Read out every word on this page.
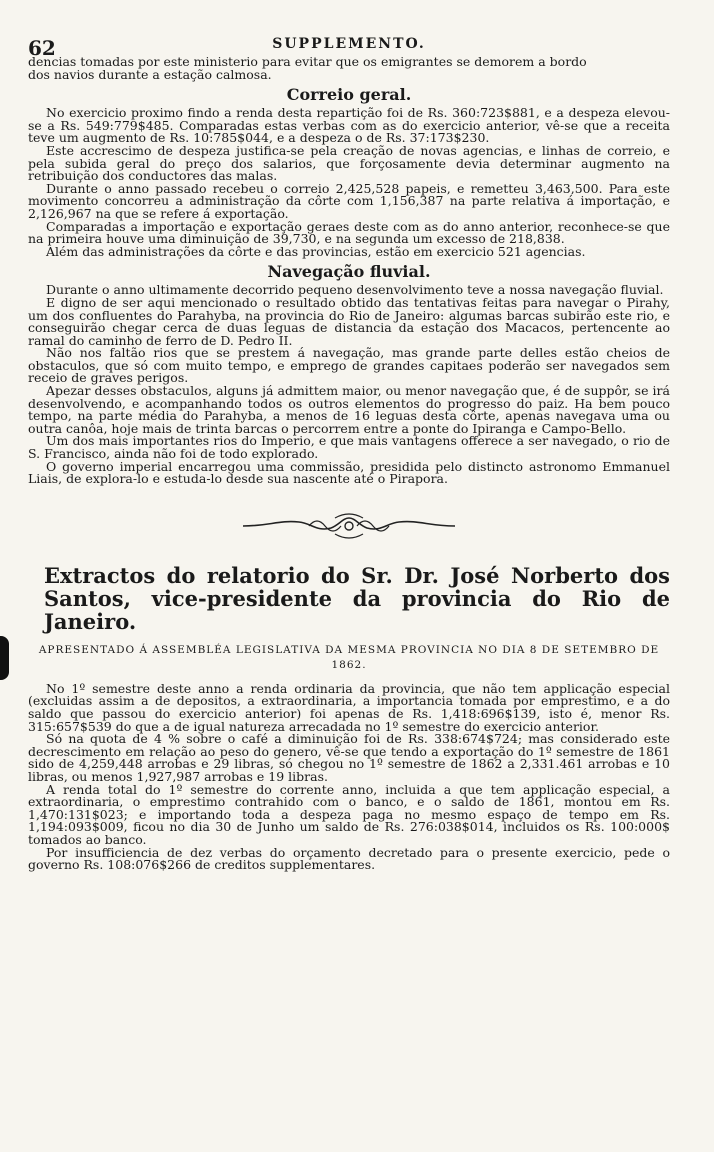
62	SUPPLEMENTO.

dencias tomadas por este ministerio para evitar que os emigrantes se demorem a bordo

dos navios durante a estação calmosa.

Correio geral.

No exercicio proximo findo a renda desta repartição foi de Rs. 360:723$881, e a despeza elevou-se a Rs. 549:779$485. Comparadas estas verbas com as do exercicio anterior, vê-se que a receita teve um augmento de Rs. 10:785$044, e a despeza o de Rs. 37:173$230.

Este accrescimo de despeza justifica-se pela creação de novas agencias, e linhas de correio, e pela subida geral do preço dos salarios, que forçosamente devia determinar augmento na retribuição dos conductores das malas.

Durante o anno passado recebeu o correio 2,425,528 papeis, e remetteu 3,463,500. Para este movimento concorreu a administração da côrte com 1,156,387 na parte relativa á importação, e 2,126,967 na que se refere á exportação.

Comparadas a importação e exportação geraes deste com as do anno anterior, reconhece-se que na primeira houve uma diminuição de 39,730, e na segunda um excesso de 218,838.

Além das administrações da côrte e das provincias, estão em exercicio 521 agencias.

Navegação fluvial.

Durante o anno ultimamente decorrido pequeno desenvolvimento teve a nossa navegação fluvial.

E digno de ser aqui mencionado o resultado obtido das tentativas feitas para navegar o Pirahy, um dos confluentes do Parahyba, na provincia do Rio de Janeiro: algumas barcas subirão este rio, e conseguirão chegar cerca de duas leguas de distancia da estação dos Macacos, pertencente ao ramal do caminho de ferro de D. Pedro II.

Não nos faltão rios que se prestem á navegação, mas grande parte delles estão cheios de obstaculos, que só com muito tempo, e emprego de grandes capitaes poderão ser navegados sem receio de graves perigos.

Apezar desses obstaculos, alguns já admittem maior, ou menor navegação que, é de suppôr, se irá desenvolvendo, e acompanhando todos os outros elementos do progresso do paiz. Ha bem pouco tempo, na parte média do Parahyba, a menos de 16 leguas desta côrte, apenas navegava uma ou outra canôa, hoje mais de trinta barcas o percorrem entre a ponte do Ipiranga e Campo-Bello.

Um dos mais importantes rios do Imperio, e que mais vantagens offerece a ser navegado, o rio de S. Francisco, ainda não foi de todo explorado.

O governo imperial encarregou uma commissão, presidida pelo distincto astronomo Emmanuel Liais, de explora-lo e estuda-lo desde sua nascente até o Pirapora.

Extractos do relatorio do Sr. Dr. José Norberto dos Santos, vice-presidente da provincia do Rio de Janeiro.
APRESENTADO Á ASSEMBLÉA LEGISLATIVA DA MESMA PROVINCIA NO DIA 8 DE SETEMBRO DE 1862.

No 1º semestre deste anno a renda ordinaria da provincia, que não tem applicação especial (excluidas assim a de depositos, a extraordinaria, a importancia tomada por emprestimo, e a do saldo que passou do exercicio anterior) foi apenas de Rs. 1,418:696$139, isto é, menor Rs. 315:657$539 do que a de igual natureza arrecadada no 1º semestre do exercicio anterior.

Só na quota de 4 % sobre o café a diminuição foi de Rs. 338:674$724; mas considerado este decrescimento em relação ao peso do genero, vê-se que tendo a exportação do 1º semestre de 1861 sido de 4,259,448 arrobas e 29 libras, só chegou no 1º semestre de 1862 a 2,331.461 arrobas e 10 libras, ou menos 1,927,987 arrobas e 19 libras.

A renda total do 1º semestre do corrente anno, incluida a que tem applicação especial, a extraordinaria, o emprestimo contrahido com o banco, e o saldo de 1861, montou em Rs. 1,470:131$023; e importando toda a despeza paga no mesmo espaço de tempo em Rs. 1,194:093$009, ficou no dia 30 de Junho um saldo de Rs. 276:038$014, incluidos os Rs. 100:000$ tomados ao banco.

Por insufficiencia de dez verbas do orçamento decretado para o presente exercicio, pede o governo Rs. 108:076$266 de creditos supplementares.
